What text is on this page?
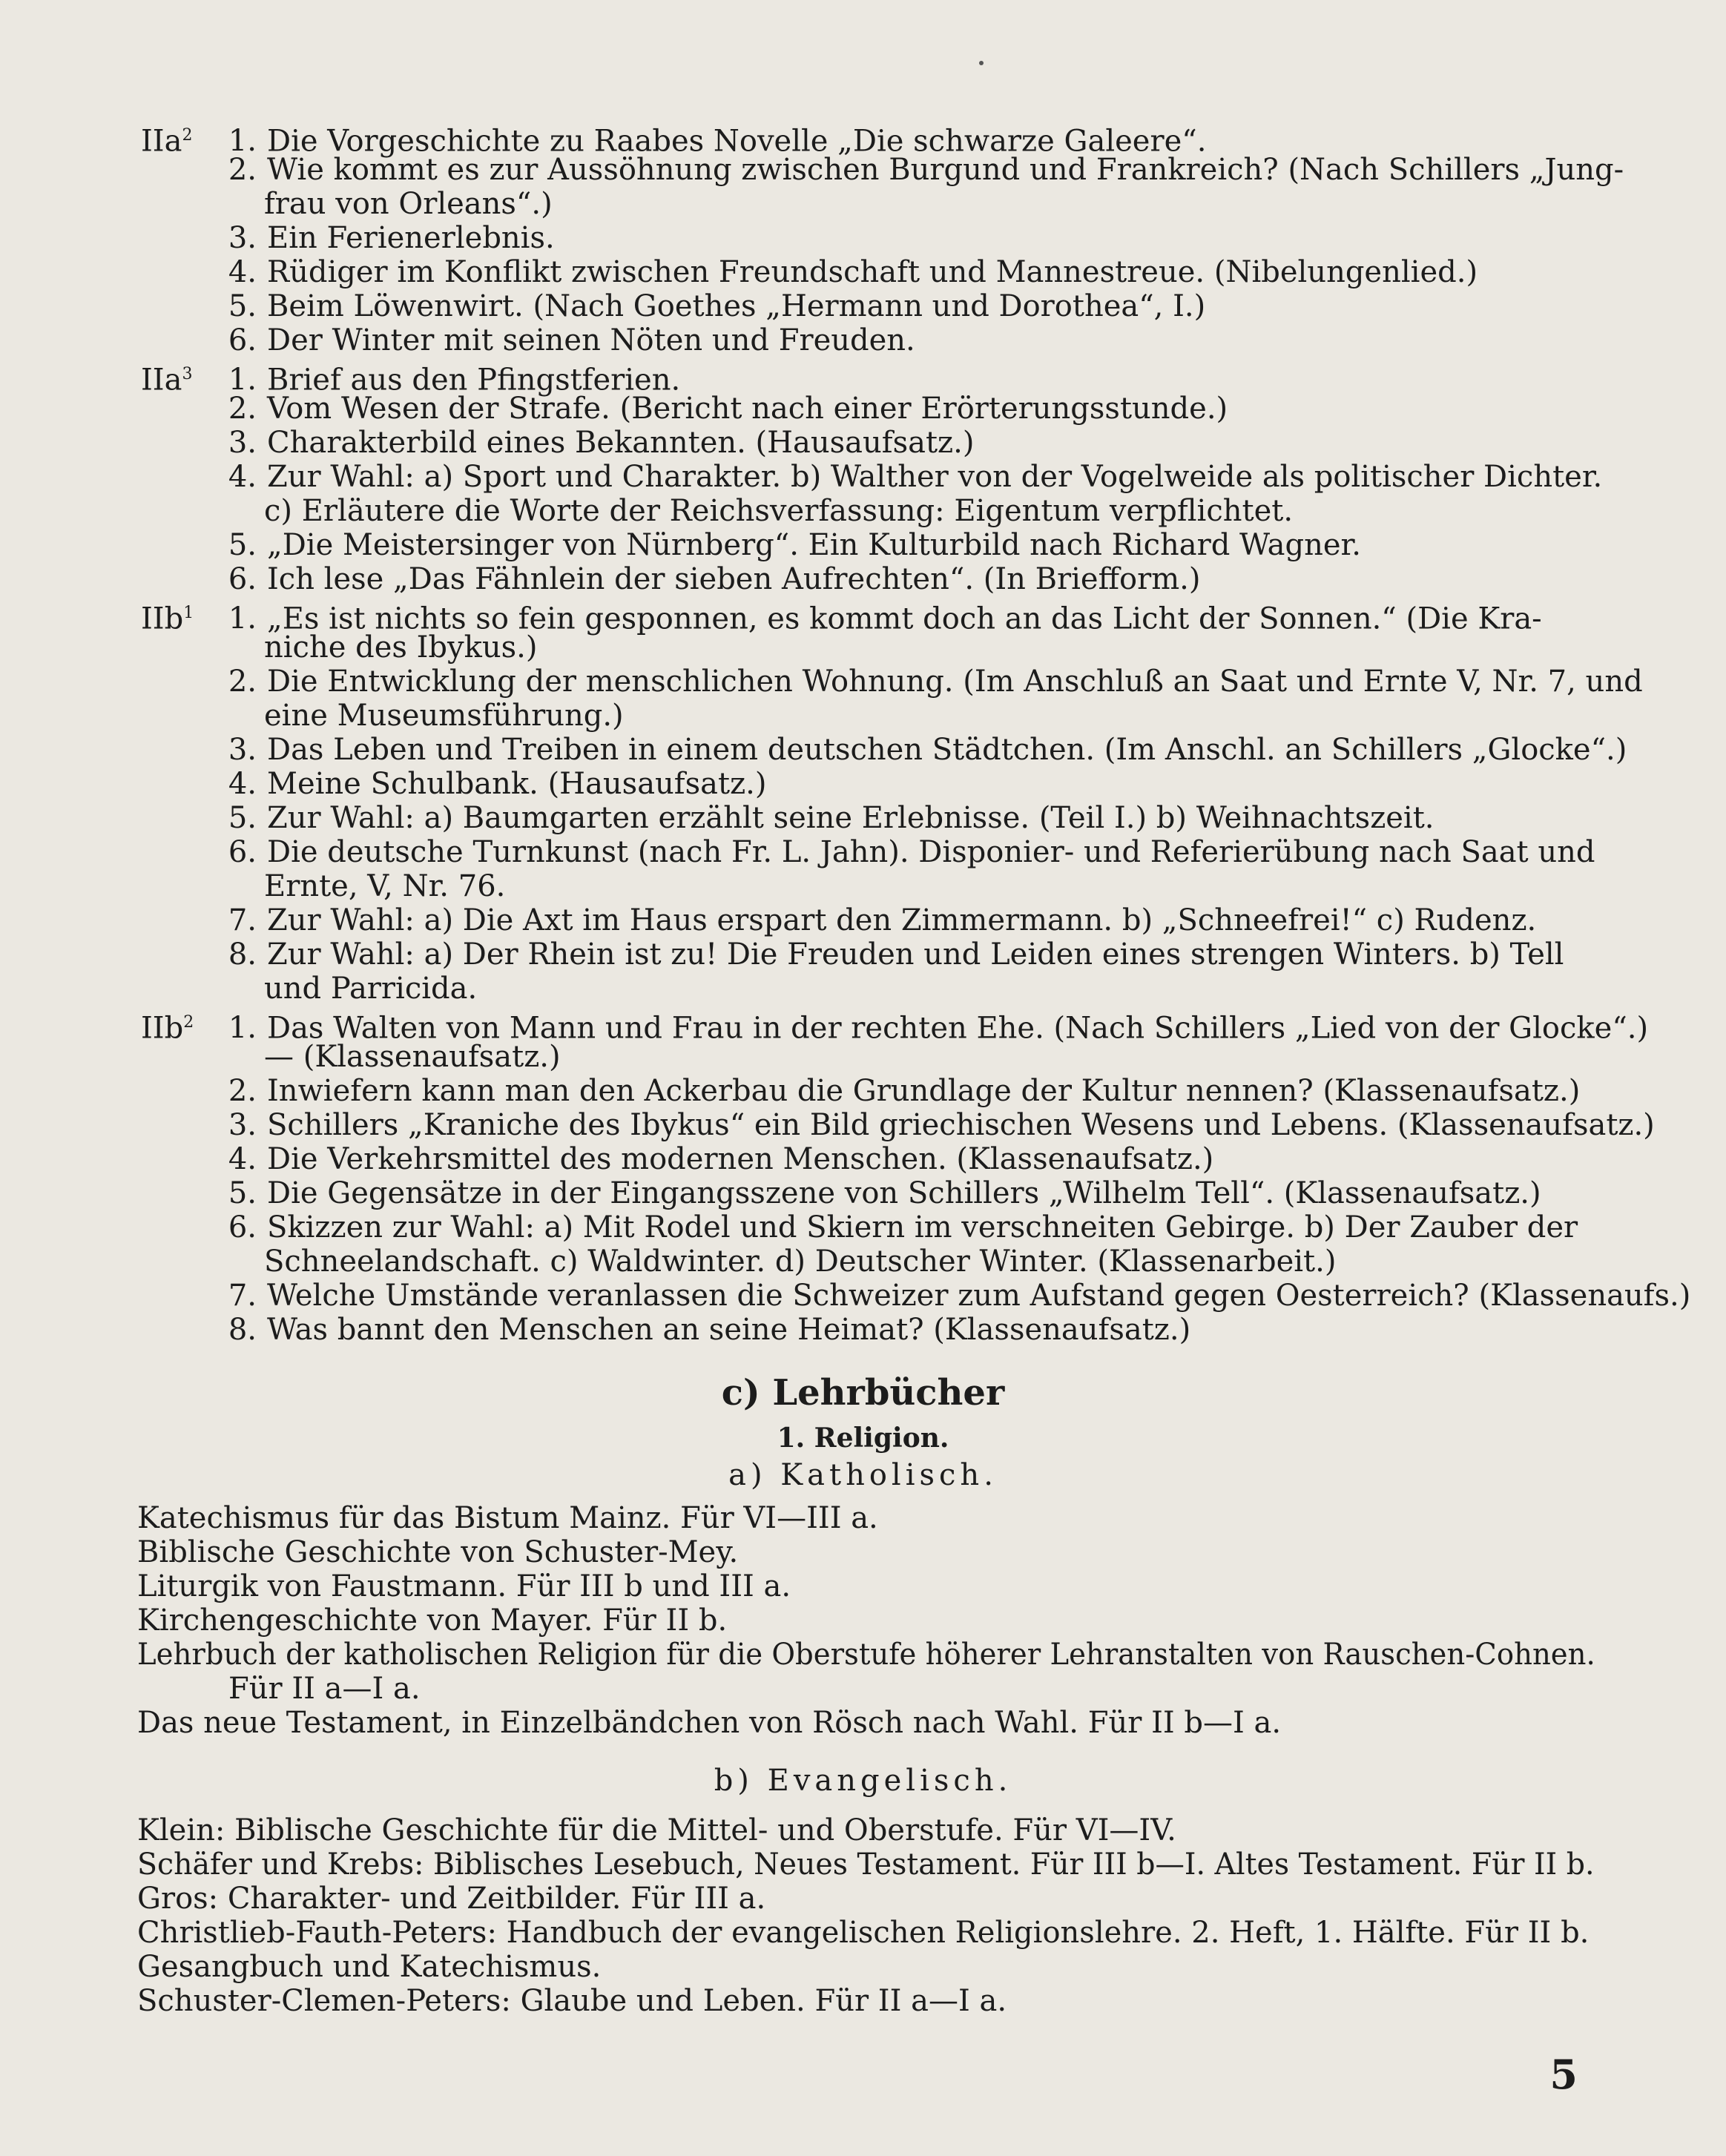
IIa$^2$ 1. Die Vorgeschichte zu Raabes Novelle „Die schwarze Galeere“.
2. Wie kommt es zur Aussöhnung zwischen Burgund und Frankreich? (Nach Schillers „Jung-
frau von Orleans“.)
3. Ein Ferienerlebnis.
4. Rüdiger im Konflikt zwischen Freundschaft und Mannestreue. (Nibelungenlied.)
5. Beim Löwenwirt. (Nach Goethes „Hermann und Dorothea“, I.)
6. Der Winter mit seinen Nöten und Freuden.
IIa$^3$ 1. Brief aus den Pfingstferien.
2. Vom Wesen der Strafe. (Bericht nach einer Erörterungsstunde.)
3. Charakterbild eines Bekannten. (Hausaufsatz.)
4. Zur Wahl: a) Sport und Charakter. b) Walther von der Vogelweide als politischer Dichter.
c) Erläutere die Worte der Reichsverfassung: Eigentum verpflichtet.
5. „Die Meistersinger von Nürnberg“. Ein Kulturbild nach Richard Wagner.
6. Ich lese „Das Fähnlein der sieben Aufrechten“. (In Briefform.)
IIb$^1$ 1. „Es ist nichts so fein gesponnen, es kommt doch an das Licht der Sonnen.“ (Die Kra-
niche des Ibykus.)
2. Die Entwicklung der menschlichen Wohnung. (Im Anschluß an Saat und Ernte V, Nr. 7, und
eine Museumsführung.)
3. Das Leben und Treiben in einem deutschen Städtchen. (Im Anschl. an Schillers „Glocke“.)
4. Meine Schulbank. (Hausaufsatz.)
5. Zur Wahl: a) Baumgarten erzählt seine Erlebnisse. (Teil I.) b) Weihnachtszeit.
6. Die deutsche Turnkunst (nach Fr. L. Jahn). Disponier- und Referierübung nach Saat und
Ernte, V, Nr. 76.
7. Zur Wahl: a) Die Axt im Haus erspart den Zimmermann. b) „Schneefrei!“ c) Rudenz.
8. Zur Wahl: a) Der Rhein ist zu! Die Freuden und Leiden eines strengen Winters. b) Tell
und Parricida.
IIb$^2$ 1. Das Walten von Mann und Frau in der rechten Ehe. (Nach Schillers „Lied von der Glocke“.)
— (Klassenaufsatz.)
2. Inwiefern kann man den Ackerbau die Grundlage der Kultur nennen? (Klassenaufsatz.)
3. Schillers „Kraniche des Ibykus“ ein Bild griechischen Wesens und Lebens. (Klassenaufsatz.)
4. Die Verkehrsmittel des modernen Menschen. (Klassenaufsatz.)
5. Die Gegensätze in der Eingangsszene von Schillers „Wilhelm Tell“. (Klassenaufsatz.)
6. Skizzen zur Wahl: a) Mit Rodel und Skiern im verschneiten Gebirge. b) Der Zauber der
Schneelandschaft. c) Waldwinter. d) Deutscher Winter. (Klassenarbeit.)
7. Welche Umstände veranlassen die Schweizer zum Aufstand gegen Oesterreich? (Klassenaufs.)
8. Was bannt den Menschen an seine Heimat? (Klassenaufsatz.)
c) Lehrbücher
1. Religion.
a) Katholisch.
Katechismus für das Bistum Mainz. Für VI—III a.
Biblische Geschichte von Schuster-Mey.
Liturgik von Faustmann. Für III b und III a.
Kirchengeschichte von Mayer. Für II b.
Lehrbuch der katholischen Religion für die Oberstufe höherer Lehranstalten von Rauschen-Cohnen.
Für II a—I a.
Das neue Testament, in Einzelbändchen von Rösch nach Wahl. Für II b—I a.
b) Evangelisch.
Klein: Biblische Geschichte für die Mittel- und Oberstufe. Für VI—IV.
Schäfer und Krebs: Biblisches Lesebuch, Neues Testament. Für III b—I. Altes Testament. Für II b.
Gros: Charakter- und Zeitbilder. Für III a.
Christlieb-Fauth-Peters: Handbuch der evangelischen Religionslehre. 2. Heft, 1. Hälfte. Für II b.
Gesangbuch und Katechismus.
Schuster-Clemen-Peters: Glaube und Leben. Für II a—I a.
5
